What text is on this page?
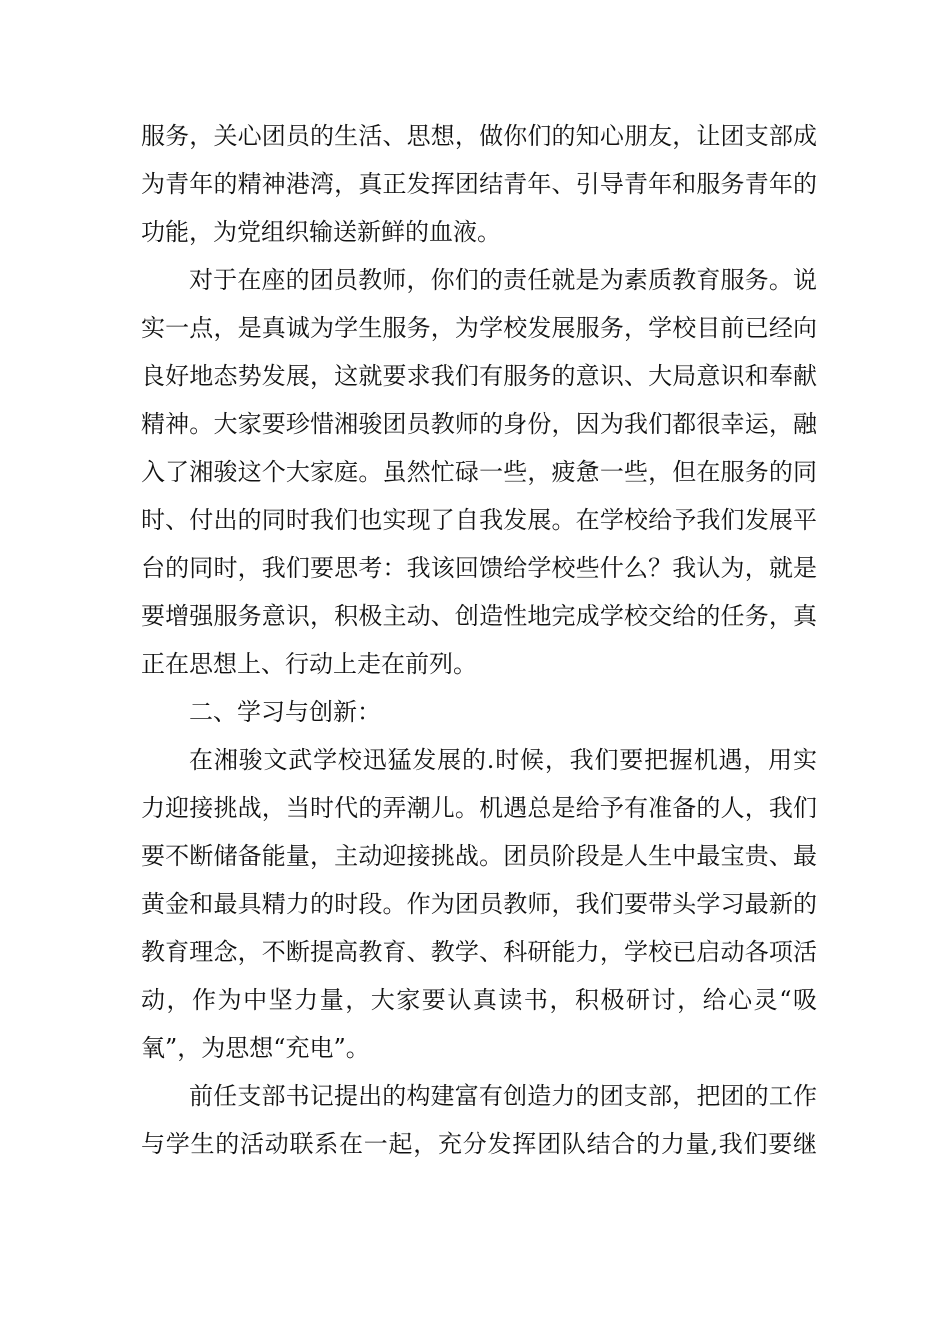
服务，关心团员的生活、思想，做你们的知心朋友，让团支部成
为青年的精神港湾，真正发挥团结青年、引导青年和服务青年的
功能，为党组织输送新鲜的血液。
对于在座的团员教师，你们的责任就是为素质教育服务。说
实一点，是真诚为学生服务，为学校发展服务，学校目前已经向
良好地态势发展，这就要求我们有服务的意识、大局意识和奉献
精神。大家要珍惜湘骏团员教师的身份，因为我们都很幸运，融
入了湘骏这个大家庭。虽然忙碌一些，疲惫一些，但在服务的同
时、付出的同时我们也实现了自我发展。在学校给予我们发展平
台的同时，我们要思考：我该回馈给学校些什么？我认为，就是
要增强服务意识，积极主动、创造性地完成学校交给的任务，真
正在思想上、行动上走在前列。
二、学习与创新：
在湘骏文武学校迅猛发展的.时候，我们要把握机遇，用实
力迎接挑战，当时代的弄潮儿。机遇总是给予有准备的人，我们
要不断储备能量，主动迎接挑战。团员阶段是人生中最宝贵、最
黄金和最具精力的时段。作为团员教师，我们要带头学习最新的
教育理念，不断提高教育、教学、科研能力，学校已启动各项活
动，作为中坚力量，大家要认真读书，积极研讨，给心灵“吸
氧”，为思想“充电”。
前任支部书记提出的构建富有创造力的团支部，把团的工作
与学生的活动联系在一起，充分发挥团队结合的力量,我们要继
